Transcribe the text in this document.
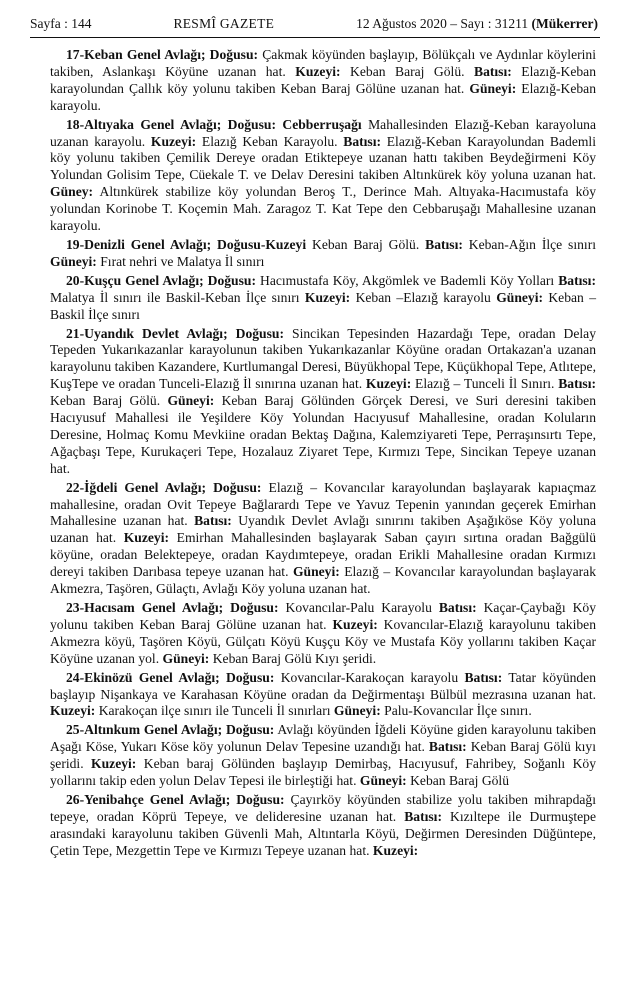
Sayfa : 144	RESMÎ GAZETE	12 Ağustos 2020 – Sayı : 31211 (Mükerrer)

17-Keban Genel Avlağı; Doğusu: Çakmak köyünden başlayıp, Bölükçalı ve Aydınlar köylerini takiben, Aslankaşı Köyüne uzanan hat. Kuzeyi: Keban Baraj Gölü. Batısı: Elazığ-Keban karayolundan Çallık köy yolunu takiben Keban Baraj Gölüne uzanan hat. Güneyi: Elazığ-Keban karayolu.

18-Altıyaka Genel Avlağı; Doğusu: Cebberruşağı Mahallesinden Elazığ-Keban karayoluna uzanan karayolu. Kuzeyi: Elazığ Keban Karayolu. Batısı: Elazığ-Keban Karayolundan Bademli köy yolunu takiben Çemilik Dereye oradan Etiktepeye uzanan hattı takiben Beydeğirmeni Köy Yolundan Golisim Tepe, Cüekale T. ve Delav Deresini takiben Altınkürek köy yoluna uzanan hat. Güney: Altınkürek stabilize köy yolundan Beroş T., Derince Mah. Altıyaka-Hacımustafa köy yolundan Korinobe T. Koçemin Mah. Zaragoz T. Kat Tepe den Cebbaruşağı Mahallesine uzanan karayolu.

19-Denizli Genel Avlağı; Doğusu-Kuzeyi Keban Baraj Gölü. Batısı: Keban-Ağın İlçe sınırı Güneyi: Fırat nehri ve Malatya İl sınırı

20-Kuşçu Genel Avlağı; Doğusu: Hacımustafa Köy, Akgömlek ve Bademli Köy Yolları Batısı: Malatya İl sınırı ile Baskil-Keban İlçe sınırı Kuzeyi: Keban –Elazığ karayolu Güneyi: Keban –Baskil İlçe sınırı

21-Uyandık Devlet Avlağı; Doğusu: Sincikan Tepesinden Hazardağı Tepe, oradan Delay Tepeden Yukarıkazanlar karayolunun takiben Yukarıkazanlar Köyüne oradan Ortakazan'a uzanan karayolunu takiben Kazandere, Kurtlumangal Deresi, Büyükhopal Tepe, Küçükhopal Tepe, Atlıtepe, KuşTepe ve oradan Tunceli-Elazığ İl sınırına uzanan hat. Kuzeyi: Elazığ – Tunceli İl Sınırı. Batısı: Keban Baraj Gölü. Güneyi: Keban Baraj Gölünden Görçek Deresi, ve Suri deresini takiben Hacıyusuf Mahallesi ile Yeşildere Köy Yolundan Hacıyusuf Mahallesine, oradan Koluların Deresine, Holmaç Komu Mevkiine oradan Bektaş Dağına, Kalemziyareti Tepe, Perraşınsırtı Tepe, Ağaçbaşı Tepe, Kurukaçeri Tepe, Hozalauz Ziyaret Tepe, Kırmızı Tepe, Sincikan Tepeye uzanan hat.

22-İğdeli Genel Avlağı; Doğusu: Elazığ – Kovancılar karayolundan başlayarak kapıaçmaz mahallesine, oradan Ovit Tepeye Bağlarardı Tepe ve Yavuz Tepenin yanından geçerek Emirhan Mahallesine uzanan hat. Batısı: Uyandık Devlet Avlağı sınırını takiben Aşağıköse Köy yoluna uzanan hat. Kuzeyi: Emirhan Mahallesinden başlayarak Saban çayırı sırtına oradan Bağgülü köyüne, oradan Belektepeye, oradan Kaydımtepeye, oradan Erikli Mahallesine oradan Kırmızı dereyi takiben Darıbasa tepeye uzanan hat. Güneyi: Elazığ – Kovancılar karayolundan başlayarak Akmezra, Taşören, Gülaçtı, Avlağı Köy yoluna uzanan hat.

23-Hacısam Genel Avlağı; Doğusu: Kovancılar-Palu Karayolu Batısı: Kaçar-Çaybağı Köy yolunu takiben Keban Baraj Gölüne uzanan hat. Kuzeyi: Kovancılar-Elazığ karayolunu takiben Akmezra köyü, Taşören Köyü, Gülçatı Köyü Kuşçu Köy ve Mustafa Köy yollarını takiben Kaçar Köyüne uzanan yol. Güneyi: Keban Baraj Gölü Kıyı şeridi.

24-Ekinözü Genel Avlağı; Doğusu: Kovancılar-Karakoçan karayolu Batısı: Tatar köyünden başlayıp Nişankaya ve Karahasan Köyüne oradan da Değirmentaşı Bülbül mezrasına uzanan hat. Kuzeyi: Karakoçan ilçe sınırı ile Tunceli İl sınırları Güneyi: Palu-Kovancılar İlçe sınırı.

25-Altınkum Genel Avlağı; Doğusu: Avlağı köyünden İğdeli Köyüne giden karayolunu takiben Aşağı Köse, Yukarı Köse köy yolunun Delav Tepesine uzandığı hat. Batısı: Keban Baraj Gölü kıyı şeridi. Kuzeyi: Keban baraj Gölünden başlayıp Demirbaş, Hacıyusuf, Fahribey, Soğanlı Köy yollarını takip eden yolun Delav Tepesi ile birleştiği hat. Güneyi: Keban Baraj Gölü

26-Yenibahçe Genel Avlağı; Doğusu: Çayırköy köyünden stabilize yolu takiben mihrapdağı tepeye, oradan Köprü Tepeye, ve delideresine uzanan hat. Batısı: Kızıltepe ile Durmuştepe arasındaki karayolunu takiben Güvenli Mah, Altıntarla Köyü, Değirmen Deresinden Düğüntepe, Çetin Tepe, Mezgettin Tepe ve Kırmızı Tepeye uzanan hat. Kuzeyi:
